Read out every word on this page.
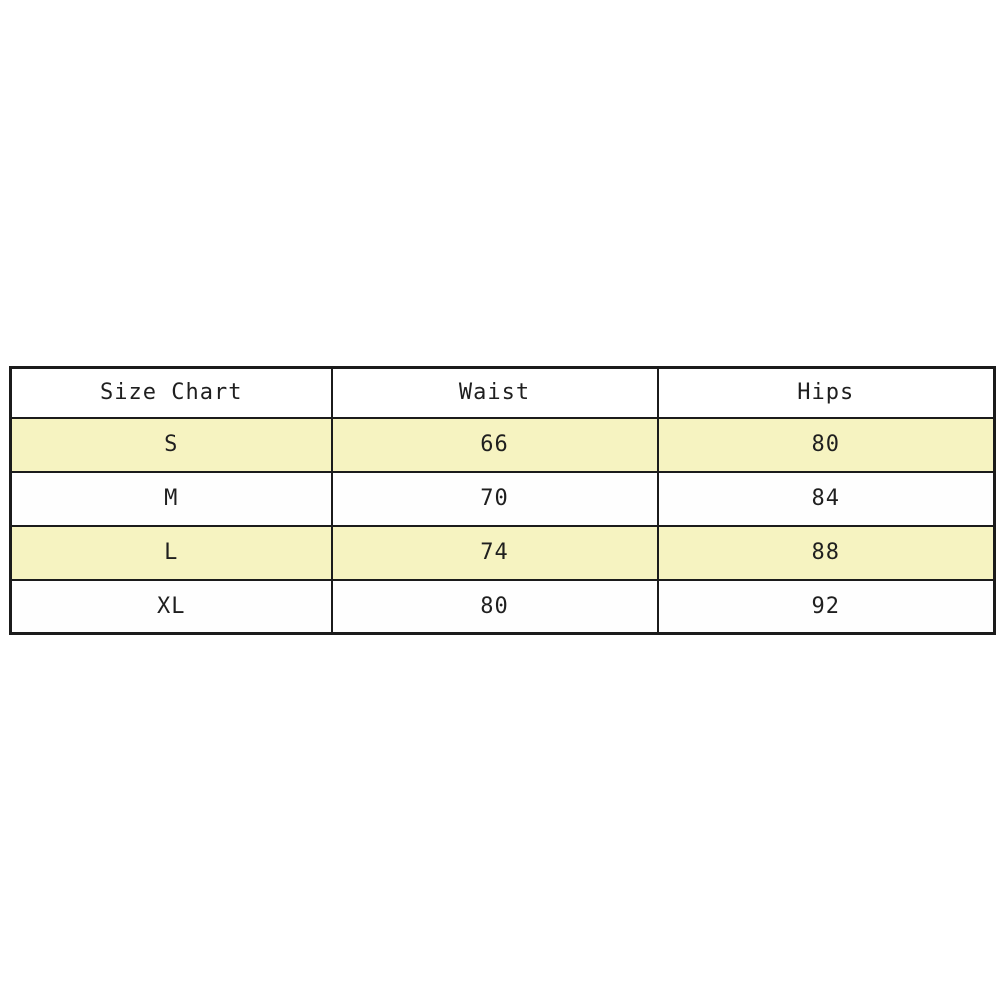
Size Chart	Waist	Hips
S	66	80
M	70	84
L	74	88
XL	80	92
